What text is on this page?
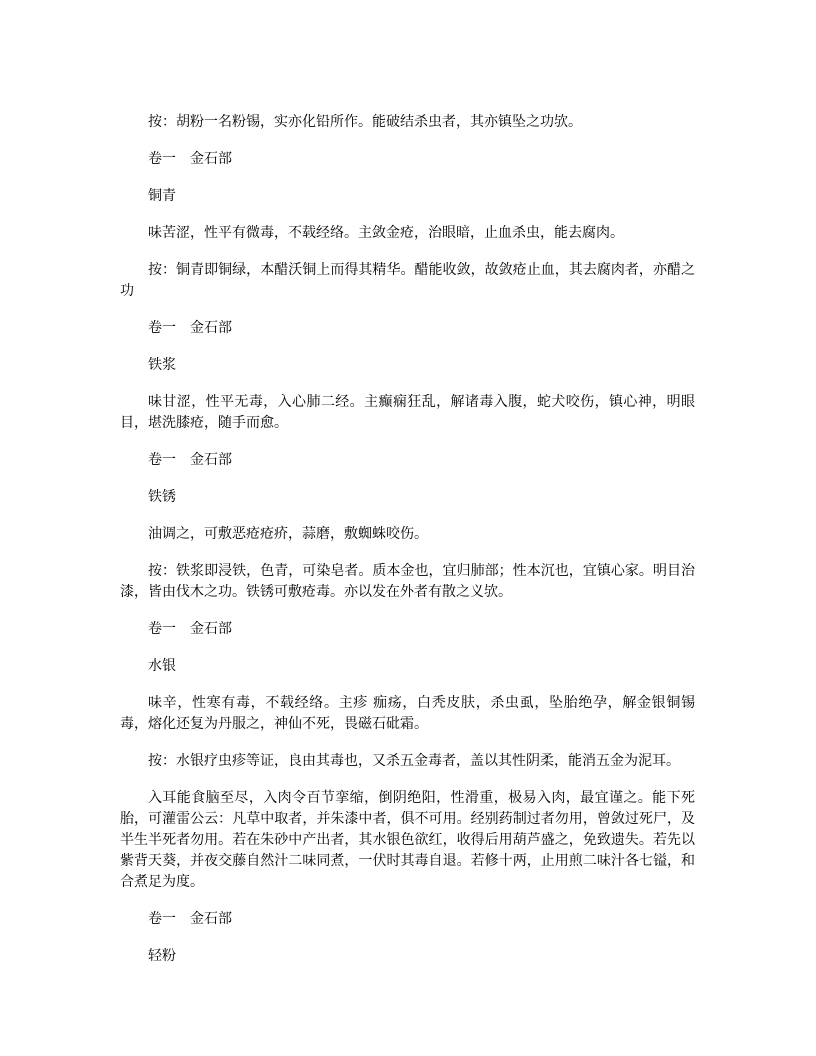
按：胡粉一名粉锡，实亦化铅所作。能破结杀虫者，其亦镇坠之功欤。

卷一　金石部

铜青

味苦涩，性平有微毒，不载经络。主敛金疮，治眼暗，止血杀虫，能去腐肉。

按：铜青即铜绿，本醋沃铜上而得其精华。醋能收敛，故敛疮止血，其去腐肉者，亦醋之功

卷一　金石部

铁浆

味甘涩，性平无毒，入心肺二经。主癫痫狂乱，解诸毒入腹，蛇犬咬伤，镇心神，明眼目，堪洗膝疮，随手而愈。

卷一　金石部

铁锈

油调之，可敷恶疮疮疥，蒜磨，敷蜘蛛咬伤。

按：铁浆即浸铁，色青，可染皂者。质本金也，宜归肺部；性本沉也，宜镇心家。明目治漆，皆由伐木之功。铁锈可敷疮毒。亦以发在外者有散之义欤。

卷一　金石部

水银

味辛，性寒有毒，不载经络。主疹 痂疡，白秃皮肤，杀虫虱，坠胎绝孕，解金银铜锡毒，熔化还复为丹服之，神仙不死，畏磁石砒霜。

按：水银疗虫疹等证，良由其毒也，又杀五金毒者，盖以其性阴柔，能消五金为泥耳。

入耳能食脑至尽，入肉令百节挛缩，倒阴绝阳，性滑重，极易入肉，最宜谨之。能下死胎，可灌雷公云：凡草中取者，并朱漆中者，俱不可用。经别药制过者勿用，曾敛过死尸，及半生半死者勿用。若在朱砂中产出者，其水银色欲红，收得后用葫芦盛之，免致遗失。若先以紫背天葵，并夜交藤自然汁二味同煮，一伏时其毒自退。若修十两，止用煎二味汁各七镒，和合煮足为度。

卷一　金石部

轻粉
